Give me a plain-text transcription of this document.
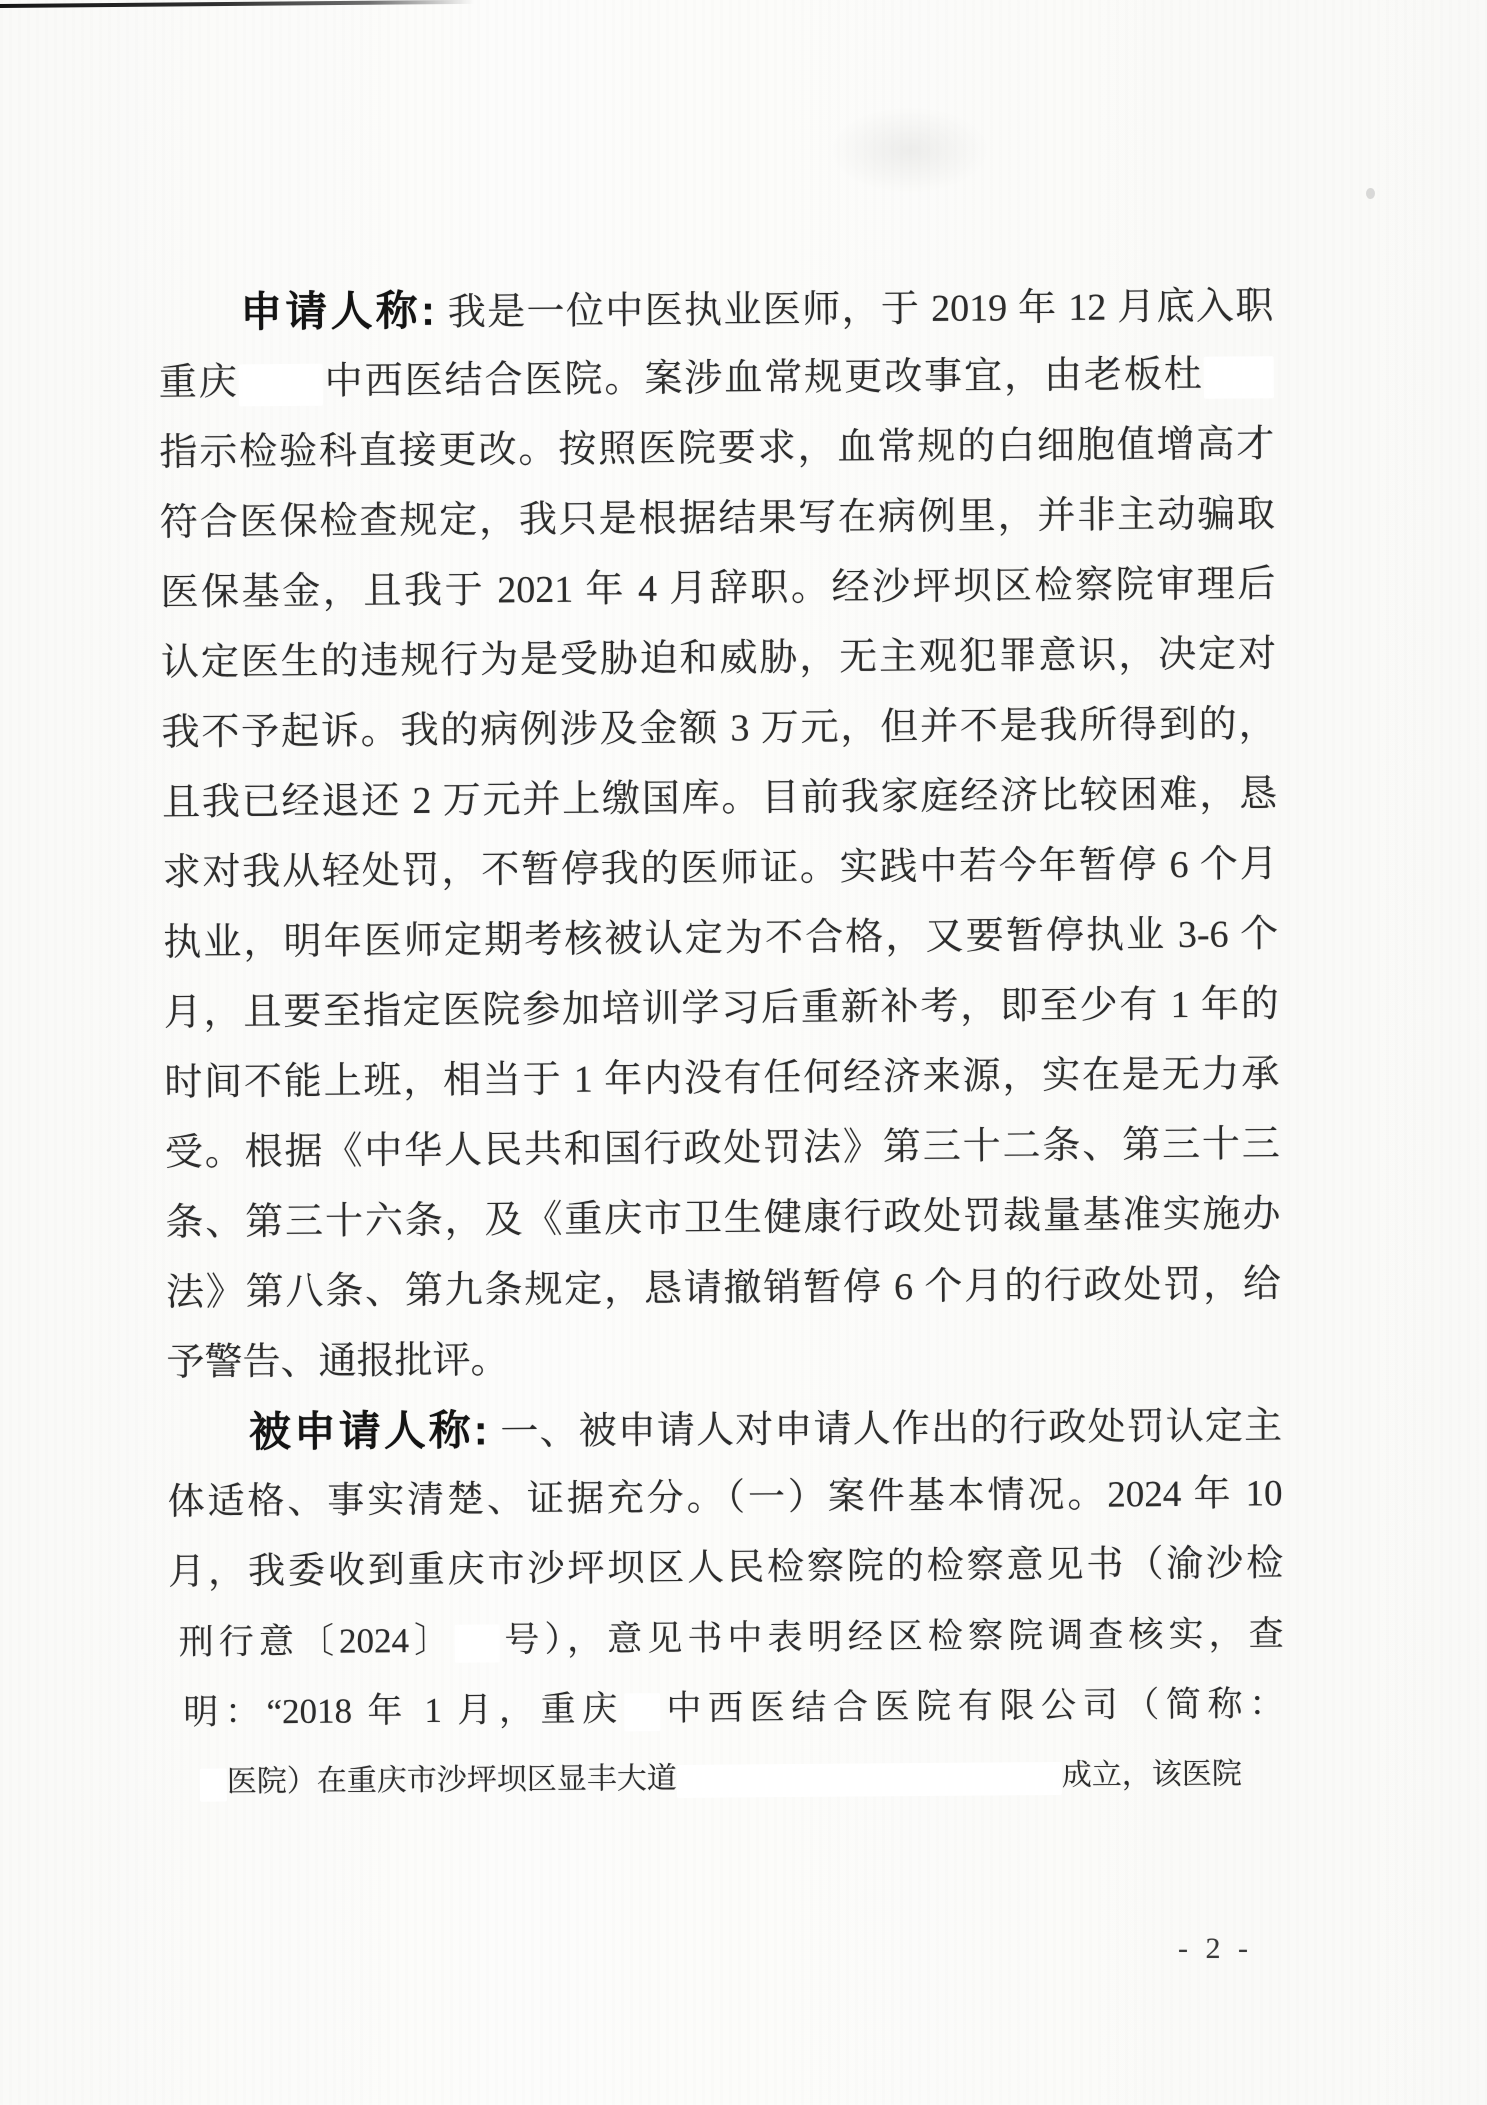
申请人称: 我是一位中医执业医师，于 2019 年 12 月底入职
重庆 中西医结合医院。案涉血常规更改事宜，由老板杜
指示检验科直接更改。按照医院要求，血常规的白细胞值增高才
符合医保检查规定，我只是根据结果写在病例里，并非主动骗取
医保基金，且我于 2021 年 4 月辞职。经沙坪坝区检察院审理后
认定医生的违规行为是受胁迫和威胁，无主观犯罪意识，决定对
我不予起诉。我的病例涉及金额 3 万元，但并不是我所得到的，
且我已经退还 2 万元并上缴国库。目前我家庭经济比较困难，恳
求对我从轻处罚，不暂停我的医师证。实践中若今年暂停 6 个月
执业，明年医师定期考核被认定为不合格，又要暂停执业 3-6 个
月，且要至指定医院参加培训学习后重新补考，即至少有 1 年的
时间不能上班，相当于 1 年内没有任何经济来源，实在是无力承
受。根据《中华人民共和国行政处罚法》第三十二条、第三十三
条、第三十六条，及《重庆市卫生健康行政处罚裁量基准实施办
法》第八条、第九条规定，恳请撤销暂停 6 个月的行政处罚，给
予警告、通报批评。
被申请人称: 一、被申请人对申请人作出的行政处罚认定主
体适格、事实清楚、证据充分。（一）案件基本情况。2024 年 10
月，我委收到重庆市沙坪坝区人民检察院的检察意见书（渝沙检
刑行意〔2024〕 号），意见书中表明经区检察院调查核实，查
明：“2018 年 1 月，重庆 中西医结合医院有限公司（简称：
医院）在重庆市沙坪坝区显丰大道	成立，该医院
- 2 -
